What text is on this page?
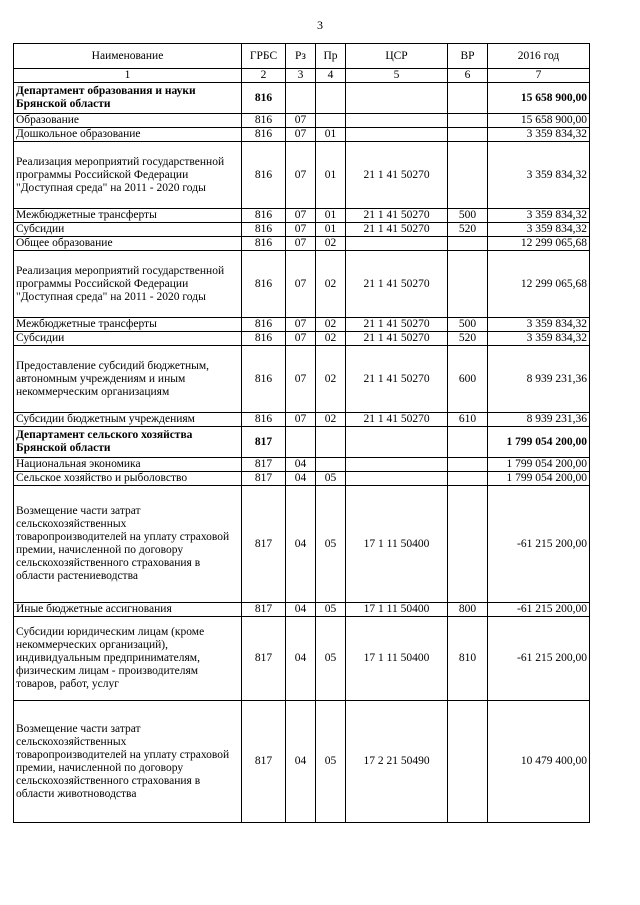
3
Наименование	ГРБС	Рз	Пр	ЦСР	ВР	2016 год
1	2	3	4	5	6	7
Департамент образования и науки Брянской области	816					15 658 900,00
Образование	816	07				15 658 900,00
Дошкольное образование	816	07	01			3 359 834,32
Реализация мероприятий государственной программы Российской Федерации "Доступная среда" на 2011 - 2020 годы	816	07	01	21 1 41 50270		3 359 834,32
Межбюджетные трансферты	816	07	01	21 1 41 50270	500	3 359 834,32
Субсидии	816	07	01	21 1 41 50270	520	3 359 834,32
Общее образование	816	07	02			12 299 065,68
Реализация мероприятий государственной программы Российской Федерации "Доступная среда" на 2011 - 2020 годы	816	07	02	21 1 41 50270		12 299 065,68
Межбюджетные трансферты	816	07	02	21 1 41 50270	500	3 359 834,32
Субсидии	816	07	02	21 1 41 50270	520	3 359 834,32
Предоставление субсидий бюджетным, автономным учреждениям и иным некоммерческим организациям	816	07	02	21 1 41 50270	600	8 939 231,36
Субсидии бюджетным учреждениям	816	07	02	21 1 41 50270	610	8 939 231,36
Департамент сельского хозяйства Брянской области	817					1 799 054 200,00
Национальная экономика	817	04				1 799 054 200,00
Сельское хозяйство и рыболовство	817	04	05			1 799 054 200,00
Возмещение части затрат сельскохозяйственных товаропроизводителей на уплату страховой премии, начисленной по договору сельскохозяйственного страхования в области растениеводства	817	04	05	17 1 11 50400		-61 215 200,00
Иные бюджетные ассигнования	817	04	05	17 1 11 50400	800	-61 215 200,00
Субсидии юридическим лицам (кроме некоммерческих организаций), индивидуальным предпринимателям, физическим лицам - производителям товаров, работ, услуг	817	04	05	17 1 11 50400	810	-61 215 200,00
Возмещение части затрат сельскохозяйственных товаропроизводителей на уплату страховой премии, начисленной по договору сельскохозяйственного страхования в области животноводства	817	04	05	17 2 21 50490		10 479 400,00
